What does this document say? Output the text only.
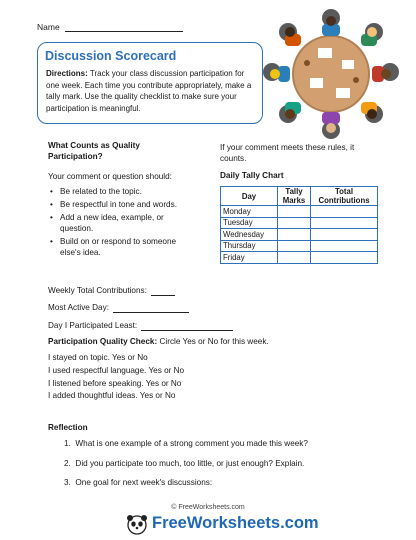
Name
Discussion Scorecard
Directions: Track your class discussion participation for one week. Each time you contribute appropriately, make a tally mark. Use the quality checklist to make sure your participation is meaningful.
What Counts as Quality
Participation?
Your comment or question should:
• Be related to the topic.
• Be respectful in tone and words.
• Add a new idea, example, or question.
• Build on or respond to someone else's idea.
If your comment meets these rules, it counts.
Daily Tally Chart
Day	Tally Marks	Total Contributions
Monday		
Tuesday		
Wednesday		
Thursday		
Friday		
Weekly Total Contributions:
Most Active Day:
Day I Participated Least:
Participation Quality Check: Circle Yes or No for this week.
I stayed on topic. Yes or No
I used respectful language. Yes or No
I listened before speaking. Yes or No
I added thoughtful ideas. Yes or No
Reflection
1. What is one example of a strong comment you made this week?
2. Did you participate too much, too little, or just enough? Explain.
3. One goal for next week's discussions:
© FreeWorksheets.com
FreeWorksheets.com
